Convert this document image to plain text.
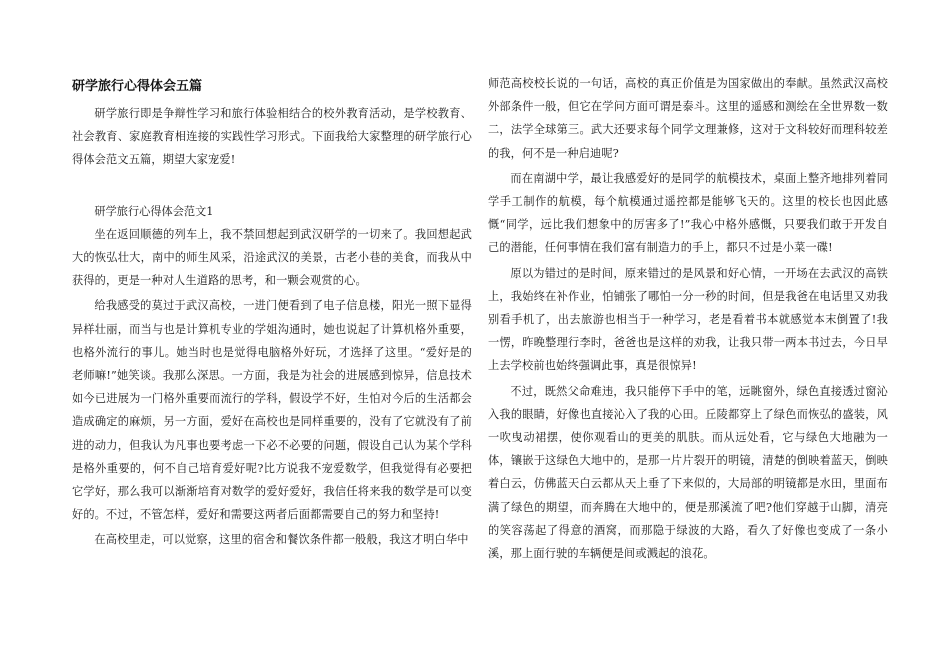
研学旅行心得体会五篇

研学旅行即是争辩性学习和旅行体验相结合的校外教育活动，是学校教育、社会教育、家庭教育相连接的实践性学习形式。下面我给大家整理的研学旅行心得体会范文五篇，期望大家宠爱!

研学旅行心得体会范文1

坐在返回顺德的列车上，我不禁回想起到武汉研学的一切来了。我回想起武大的恢弘壮大，南中的师生风采，沿途武汉的美景，古老小巷的美食，而我从中获得的，更是一种对人生道路的思考，和一颗会观赏的心。

给我感受的莫过于武汉高校，一进门便看到了电子信息楼，阳光一照下显得异样壮丽，而当与也是计算机专业的学姐沟通时，她也说起了计算机格外重要，也格外流行的事儿。她当时也是觉得电脑格外好玩，才选择了这里。“爱好是的老师嘛!”她笑谈。我那么深思。一方面，我是为社会的进展感到惊异，信息技术如今已进展为一门格外重要而流行的学科，假设学不好，生怕对今后的生活都会造成确定的麻烦，另一方面，爱好在高校也是同样重要的，没有了它就没有了前进的动力，但我认为凡事也要考虑一下必不必要的问题，假设自己认为某个学科是格外重要的，何不自己培育爱好呢?比方说我不宠爱数学，但我觉得有必要把它学好，那么我可以渐渐培育对数学的爱好爱好，我信任将来我的数学是可以变好的。不过，不管怎样，爱好和需要这两者后面都需要自己的努力和坚持!

在高校里走，可以觉察，这里的宿舍和餐饮条件都一般般，我这才明白华中

师范高校校长说的一句话，高校的真正价值是为国家做出的奉献。虽然武汉高校外部条件一般，但它在学问方面可谓是泰斗。这里的遥感和测绘在全世界数一数二，法学全球第三。武大还要求每个同学文理兼修，这对于文科较好而理科较差的我，何不是一种启迪呢?

而在南湖中学，最让我感爱好的是同学的航模技术，桌面上整齐地排列着同学手工制作的航模，每个航模通过遥控都是能够飞天的。这里的校长也因此感慨“同学，远比我们想象中的厉害多了!”我心中格外感慨，只要我们敢于开发自己的潜能，任何事情在我们富有制造力的手上，都只不过是小菜一碟!

原以为错过的是时间，原来错过的是风景和好心情，一开场在去武汉的高铁上，我始终在补作业，怕铺张了哪怕一分一秒的时间，但是我爸在电话里又劝我别看手机了，出去旅游也相当于一种学习，老是看着书本就感觉本末倒置了!我一愣，昨晚整理行李时，爸爸也是这样的劝我，让我只带一两本书过去，今日早上去学校前也始终强调此事，真是很惊异!

不过，既然父命难违，我只能停下手中的笔，远眺窗外，绿色直接透过窗沁入我的眼睛，好像也直接沁入了我的心田。丘陵都穿上了绿色而恢弘的盛装，风一吹曳动裙摆，使你观看山的更美的肌肤。而从远处看，它与绿色大地融为一体，镶嵌于这绿色大地中的，是那一片片裂开的明镜，清楚的倒映着蓝天，倒映着白云，仿佛蓝天白云都从天上垂了下来似的，大局部的明镜都是水田，里面布满了绿色的期望，而奔腾在大地中的，便是那溪流了吧?他们穿越于山脚，清亮的笑容荡起了得意的酒窝，而那隐于绿波的大路，看久了好像也变成了一条小溪，那上面行驶的车辆便是间或溅起的浪花。
